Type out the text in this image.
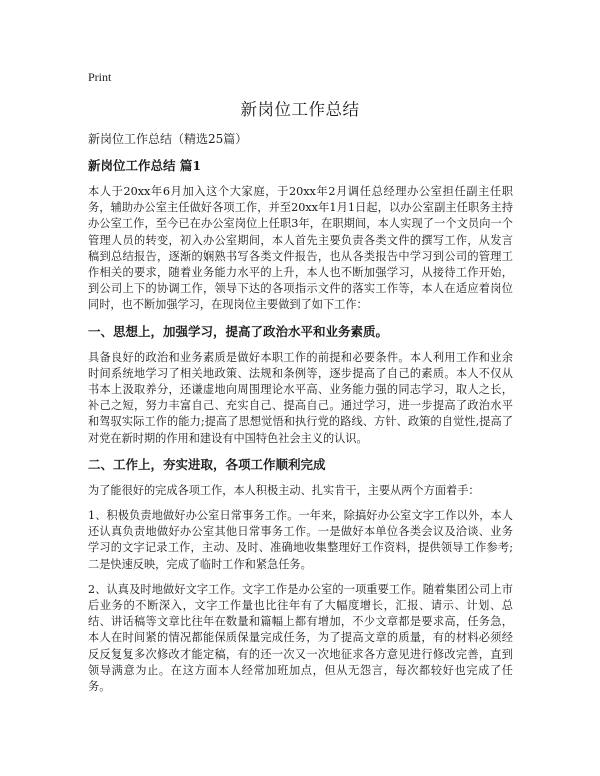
Print
新岗位工作总结

新岗位工作总结（精选25篇）

新岗位工作总结 篇1

本人于20xx年6月加入这个大家庭，于20xx年2月调任总经理办公室担任副主任职务，辅助办公室主任做好各项工作，并至20xx年1月1日起，以办公室副主任职务主持办公室工作，至今已在办公室岗位上任职3年，在职期间，本人实现了一个文员向一个管理人员的转变，初入办公室期间，本人首先主要负责各类文件的撰写工作，从发言稿到总结报告，逐渐的娴熟书写各类文件报告，也从各类报告中学习到公司的管理工作相关的要求，随着业务能力水平的上升，本人也不断加强学习，从接待工作开始，到公司上下的协调工作，领导下达的各项指示文件的落实工作等，本人在适应着岗位同时，也不断加强学习，在现岗位主要做到了如下工作：

一、思想上，加强学习，提高了政治水平和业务素质。

具备良好的政治和业务素质是做好本职工作的前提和必要条件。本人利用工作和业余时间系统地学习了相关地政策、法规和条例等，逐步提高了自己的素质。本人不仅从书本上汲取养分，还谦虚地向周围理论水平高、业务能力强的同志学习，取人之长，补己之短，努力丰富自己、充实自己、提高自己。通过学习，进一步提高了政治水平和驾驭实际工作的能力;提高了思想觉悟和执行党的路线、方针、政策的自觉性,提高了对党在新时期的作用和建设有中国特色社会主义的认识。

二、工作上，夯实进取，各项工作顺利完成

为了能很好的完成各项工作，本人积极主动、扎实肯干，主要从两个方面着手：

1、积极负责地做好办公室日常事务工作。一年来，除搞好办公室文字工作以外，本人还认真负责地做好办公室其他日常事务工作。一是做好本单位各类会议及洽谈、业务学习的文字记录工作，主动、及时、准确地收集整理好工作资料，提供领导工作参考;二是快速反映，完成了临时工作和紧急任务。

2、认真及时地做好文字工作。文字工作是办公室的一项重要工作。随着集团公司上市后业务的不断深入，文字工作量也比往年有了大幅度增长，汇报、请示、计划、总结、讲话稿等文章比往年在数量和篇幅上都有增加，不少文章都是要求高，任务急，本人在时间紧的情况都能保质保量完成任务，为了提高文章的质量，有的材料必须经反反复复多次修改才能定稿，有的还一次又一次地征求各方意见进行修改完善，直到领导满意为止。在这方面本人经常加班加点，但从无怨言，每次都较好也完成了任务。
